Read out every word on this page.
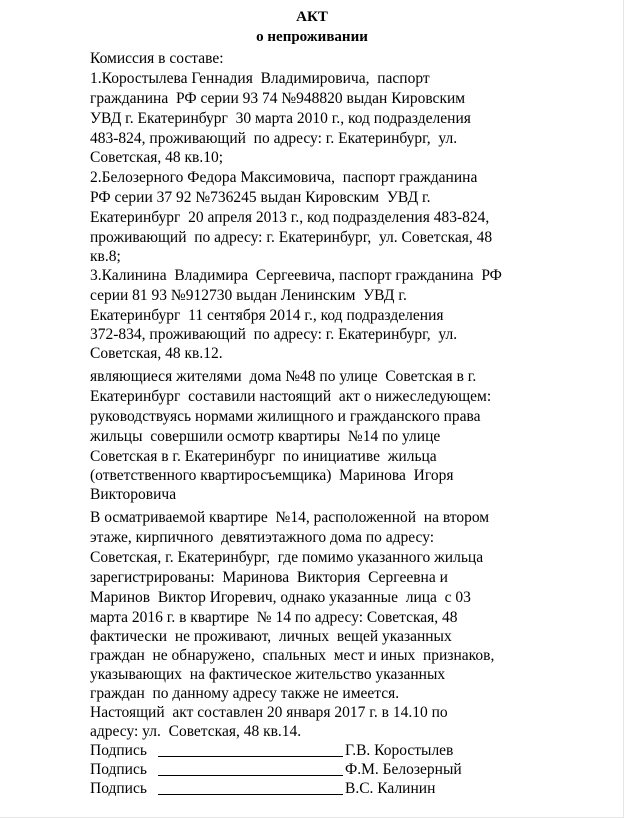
АКТ
о непроживании
Комиссия в составе:
1.Коростылева Геннадия  Владимировича,  паспорт
гражданина  РФ серии 93 74 №948820 выдан Кировским
УВД г. Екатеринбург  30 марта 2010 г., код подразделения
483-824, проживающий  по адресу: г. Екатеринбург,  ул.
Советская, 48 кв.10;
2.Белозерного Федора Максимовича,  паспорт гражданина
РФ серии 37 92 №736245 выдан Кировским  УВД г.
Екатеринбург  20 апреля 2013 г., код подразделения 483-824,
проживающий  по адресу: г. Екатеринбург,  ул. Советская, 48
кв.8;
3.Калинина  Владимира  Сергеевича, паспорт гражданина  РФ
серии 81 93 №912730 выдан Ленинским  УВД г.
Екатеринбург  11 сентября 2014 г., код подразделения
372-834, проживающий  по адресу: г. Екатеринбург,  ул.
Советская, 48 кв.12.
являющиеся жителями  дома №48 по улице  Советская в г.
Екатеринбург  составили настоящий  акт о нижеследующем:
руководствуясь нормами жилищного и гражданского права
жильцы  совершили осмотр квартиры  №14 по улице
Советская в г. Екатеринбург  по инициативе  жильца
(ответственного квартиросъемщика)  Маринова  Игоря
Викторовича
В осматриваемой квартире  №14, расположенной  на втором
этаже, кирпичного  девятиэтажного дома по адресу:
Советская, г. Екатеринбург,  где помимо указанного жильца
зарегистрированы:  Маринова  Виктория  Сергеевна и
Маринов  Виктор Игоревич, однако указанные  лица  с 03
марта 2016 г. в квартире  № 14 по адресу: Советская, 48
фактически  не проживают,  личных  вещей указанных
граждан  не обнаружено,  спальных  мест и иных  признаков,
указывающих  на фактическое жительство указанных
граждан  по данному адресу также не имеется.
Настоящий  акт составлен 20 января 2017 г. в 14.10 по
адресу: ул.  Советская, 48 кв.14.
Подпись	Г.В. Коростылев
Подпись	Ф.М. Белозерный
Подпись	В.С. Калинин
